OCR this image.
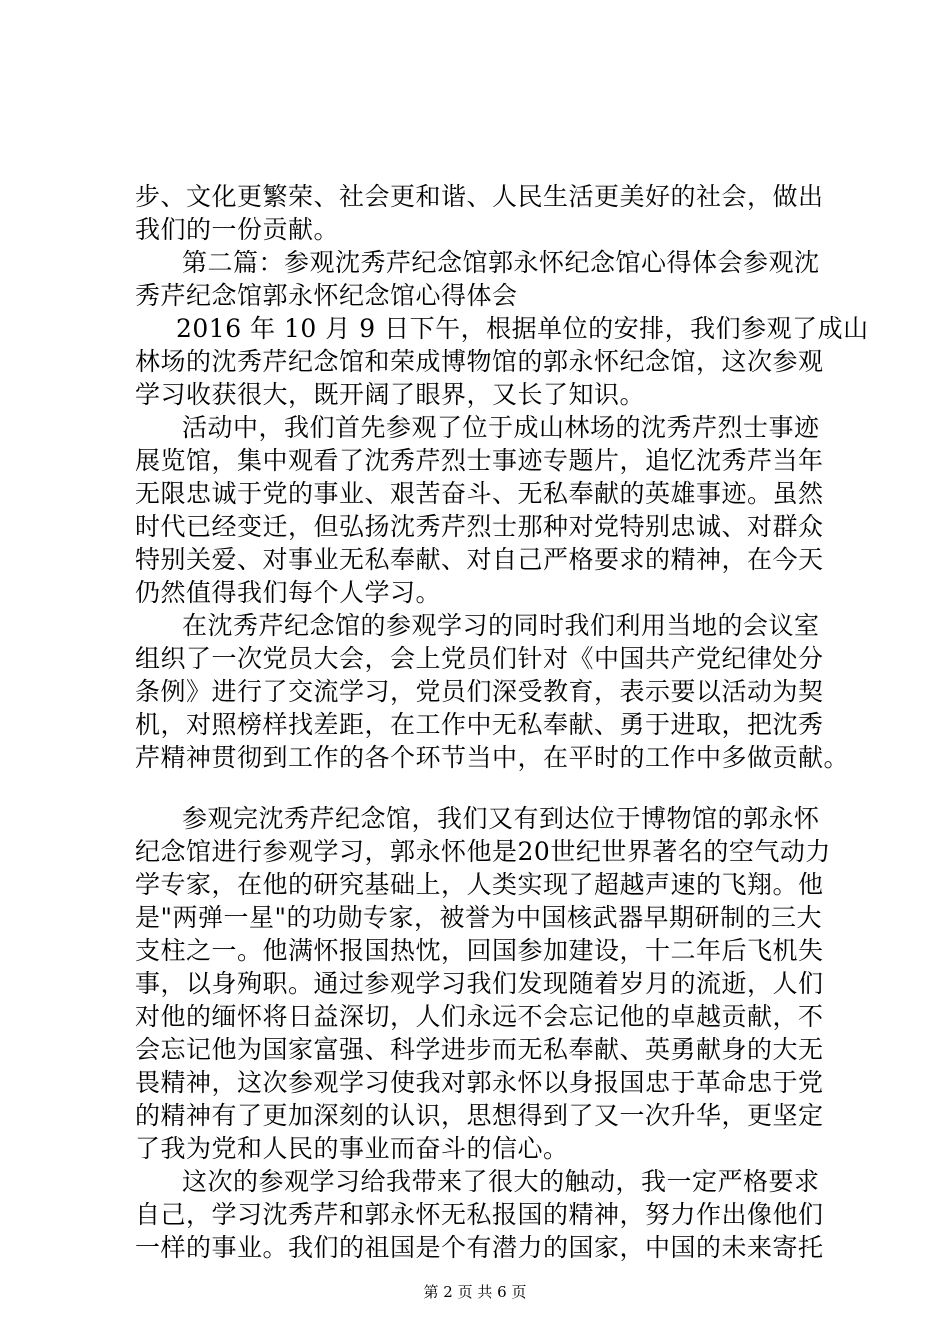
步、文化更繁荣、社会更和谐、人民生活更美好的社会，做出
我们的一份贡献。
第二篇：参观沈秀芹纪念馆郭永怀纪念馆心得体会参观沈
秀芹纪念馆郭永怀纪念馆心得体会
2016 年 10 月 9 日下午，根据单位的安排，我们参观了成山
林场的沈秀芹纪念馆和荣成博物馆的郭永怀纪念馆，这次参观
学习收获很大，既开阔了眼界，又长了知识。
活动中，我们首先参观了位于成山林场的沈秀芹烈士事迹
展览馆，集中观看了沈秀芹烈士事迹专题片，追忆沈秀芹当年
无限忠诚于党的事业、艰苦奋斗、无私奉献的英雄事迹。虽然
时代已经变迁，但弘扬沈秀芹烈士那种对党特别忠诚、对群众
特别关爱、对事业无私奉献、对自己严格要求的精神，在今天
仍然值得我们每个人学习。
在沈秀芹纪念馆的参观学习的同时我们利用当地的会议室
组织了一次党员大会，会上党员们针对《中国共产党纪律处分
条例》进行了交流学习，党员们深受教育，表示要以活动为契
机，对照榜样找差距，在工作中无私奉献、勇于进取，把沈秀
芹精神贯彻到工作的各个环节当中，在平时的工作中多做贡献。
参观完沈秀芹纪念馆，我们又有到达位于博物馆的郭永怀
纪念馆进行参观学习，郭永怀他是20世纪世界著名的空气动力
学专家，在他的研究基础上，人类实现了超越声速的飞翔。他
是"两弹一星"的功勋专家，被誉为中国核武器早期研制的三大
支柱之一。他满怀报国热忱，回国参加建设，十二年后飞机失
事，以身殉职。通过参观学习我们发现随着岁月的流逝，人们
对他的缅怀将日益深切，人们永远不会忘记他的卓越贡献，不
会忘记他为国家富强、科学进步而无私奉献、英勇献身的大无
畏精神，这次参观学习使我对郭永怀以身报国忠于革命忠于党
的精神有了更加深刻的认识，思想得到了又一次升华，更坚定
了我为党和人民的事业而奋斗的信心。
这次的参观学习给我带来了很大的触动，我一定严格要求
自己，学习沈秀芹和郭永怀无私报国的精神，努力作出像他们
一样的事业。我们的祖国是个有潜力的国家，中国的未来寄托
第 2 页 共 6 页
